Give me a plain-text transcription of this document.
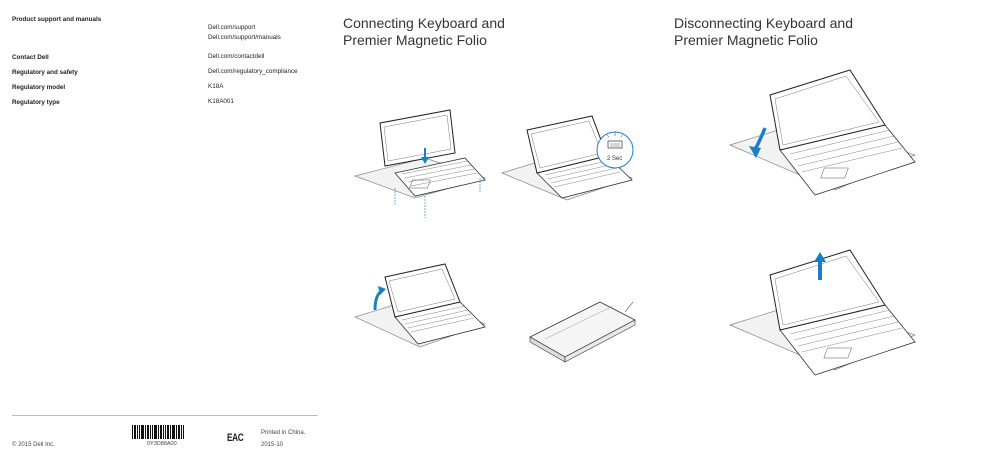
Product support and manuals
Dell.com/support
Dell.com/support/manuals
Contact Dell	Dell.com/contactdell
Regulatory and safety	Dell.com/regulatory_compliance
Regulatory model	K18A
Regulatory type	K18A001
© 2015 Dell Inc.	0Y3D88A00	EAC	Printed in China.
2015-10
Connecting Keyboard and
Premier Magnetic Folio
Disconnecting Keyboard and
Premier Magnetic Folio
2 Sec
